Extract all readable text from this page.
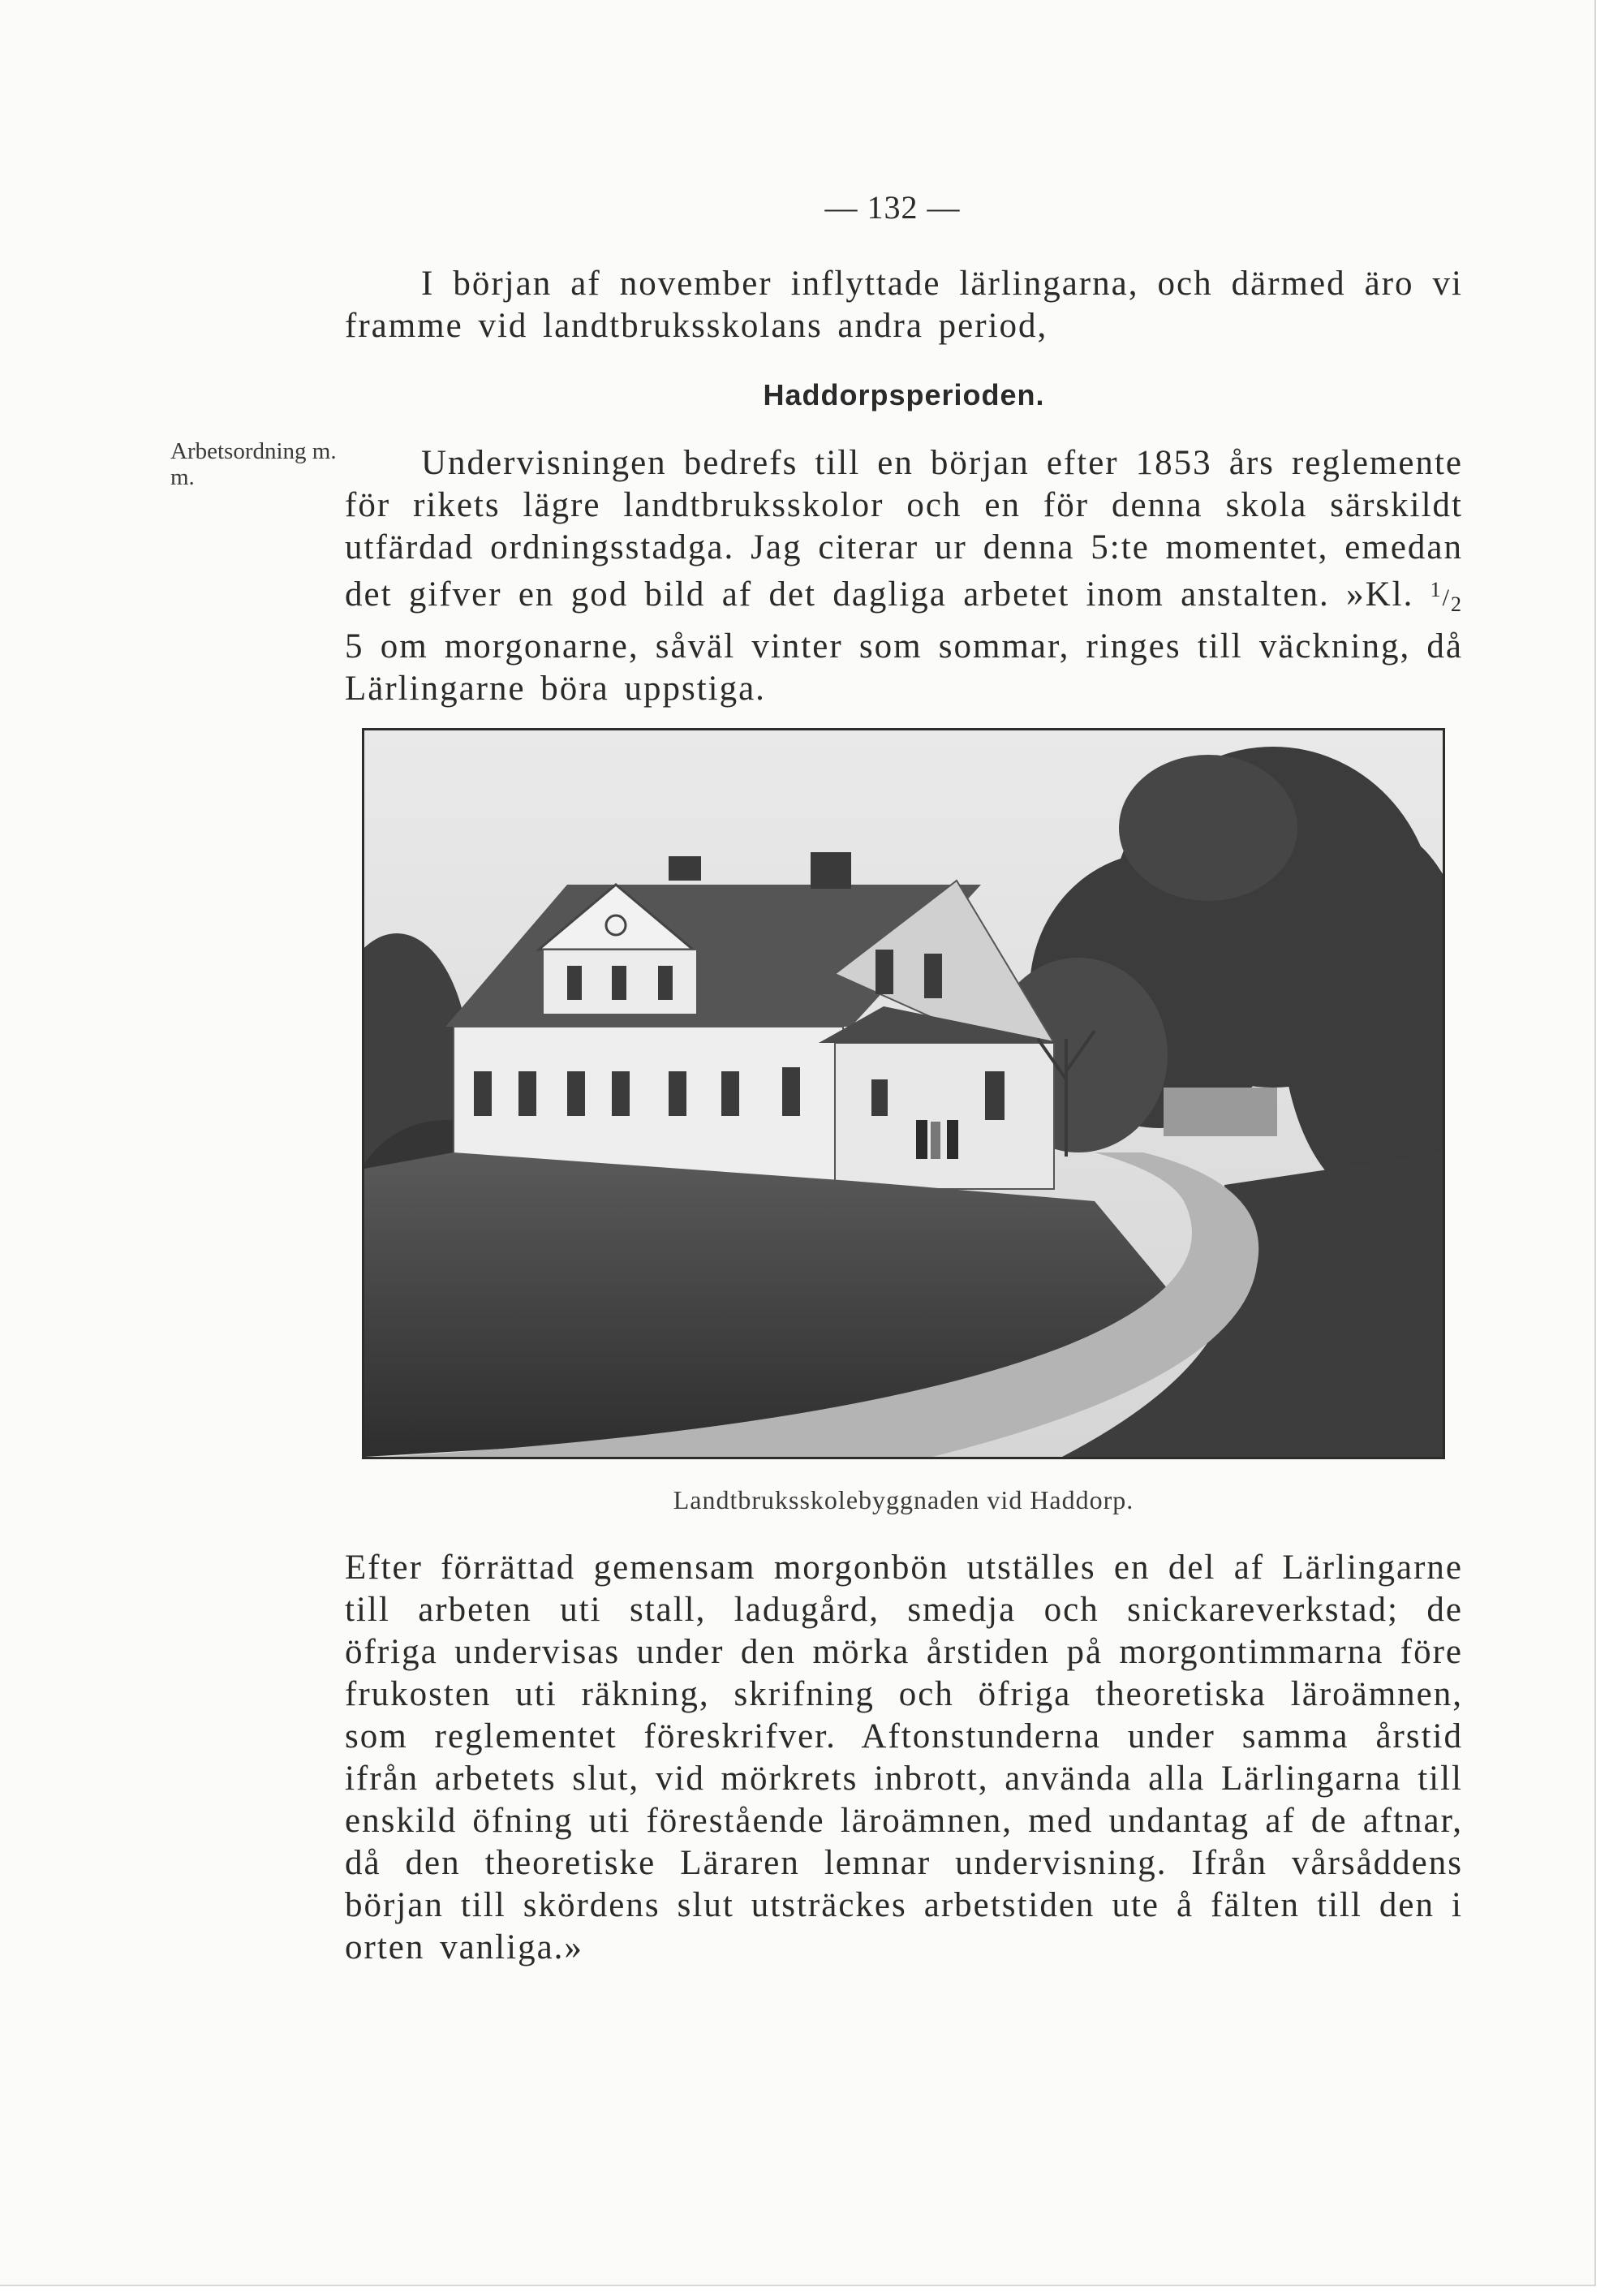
— 132 —

I början af november inflyttade lärlingarna, och därmed äro vi framme vid landtbruksskolans andra period,

Haddorpsperioden.
Arbetsordning m. m.	Undervisningen bedrefs till en början efter 1853 års reglemente för rikets lägre landtbruksskolor och en för denna skola särskildt utfärdad ordningsstadga. Jag citerar ur denna 5:te momentet, emedan det gifver en god bild af det dagliga arbetet inom anstalten. »Kl. $^1/_2$ 5 om morgonarne, såväl vinter som sommar, ringes till väckning, då Lärlingarne böra uppstiga.

Landtbruksskolebyggnaden vid Haddorp.

Efter förrättad gemensam morgonbön utställes en del af Lärlingarne till arbeten uti stall, ladugård, smedja och snickareverkstad; de öfriga undervisas under den mörka årstiden på morgontimmarna före frukosten uti räkning, skrifning och öfriga theoretiska läroämnen, som reglementet föreskrifver. Aftonstunderna under samma årstid ifrån arbetets slut, vid mörkrets inbrott, använda alla Lärlingarna till enskild öfning uti förestående läroämnen, med undantag af de aftnar, då den theoretiske Läraren lemnar undervisning. Ifrån vårsåddens början till skördens slut utsträckes arbetstiden ute å fälten till den i orten vanliga.»
